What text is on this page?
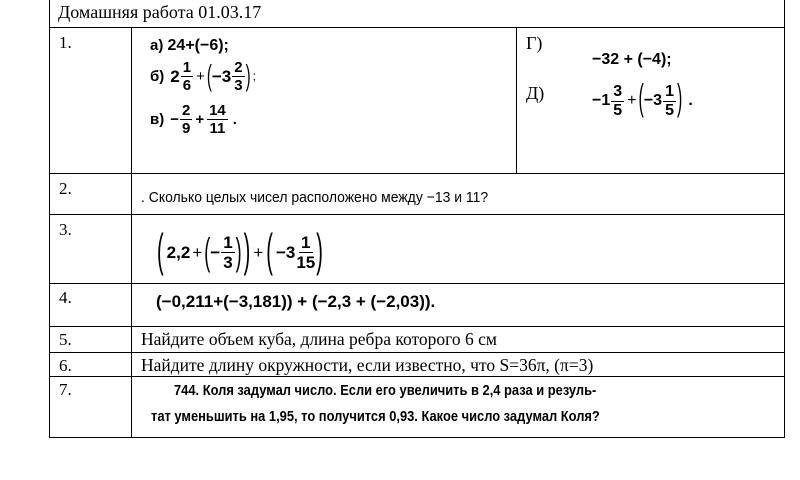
Домашняя работа 01.03.17
1.
2.
3.
4.
5.
6.
7.
а) 24+(−6);
б) $2 \frac{1}{6}$ + ( $-3 \frac{2}{3}$ ) ;
$в) - \frac{2}{9} + \frac{14}{11}$ .
Г)
−32 + (−4);
Д)	$-1 \frac{3}{5}$ + ( $-3 \frac{1}{5}$ ) .
. Сколько целых чисел расположено между −13 и 11?
( 2,2 + ( − $\frac{1}{3}$ ) ) + ( $-3 \frac{1}{15}$ )
(−0,211+(−3,181)) + (−2,3 + (−2,03)).
Найдите объем куба, длина ребра которого 6 см
Найдите длину окружности, если известно, что S=36π, (π=3)
744. Коля задумал число. Если его увеличить в 2,4 раза и резуль-
тат уменьшить на 1,95, то получится 0,93. Какое число задумал Коля?
